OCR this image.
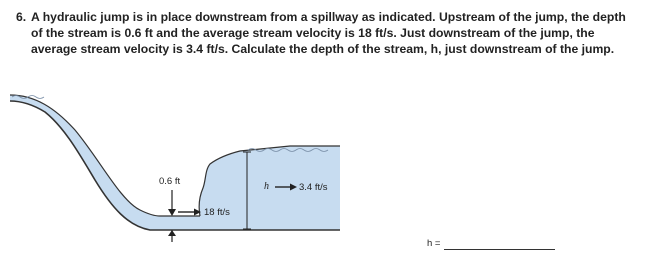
6. A hydraulic jump is in place downstream from a spillway as indicated. Upstream of the jump, the depth
of the stream is 0.6 ft and the average stream velocity is 18 ft/s. Just downstream of the jump, the
average stream velocity is 3.4 ft/s. Calculate the depth of the stream, h, just downstream of the jump.
0.6 ft
18 ft/s
h	3.4 ft/s
h =
